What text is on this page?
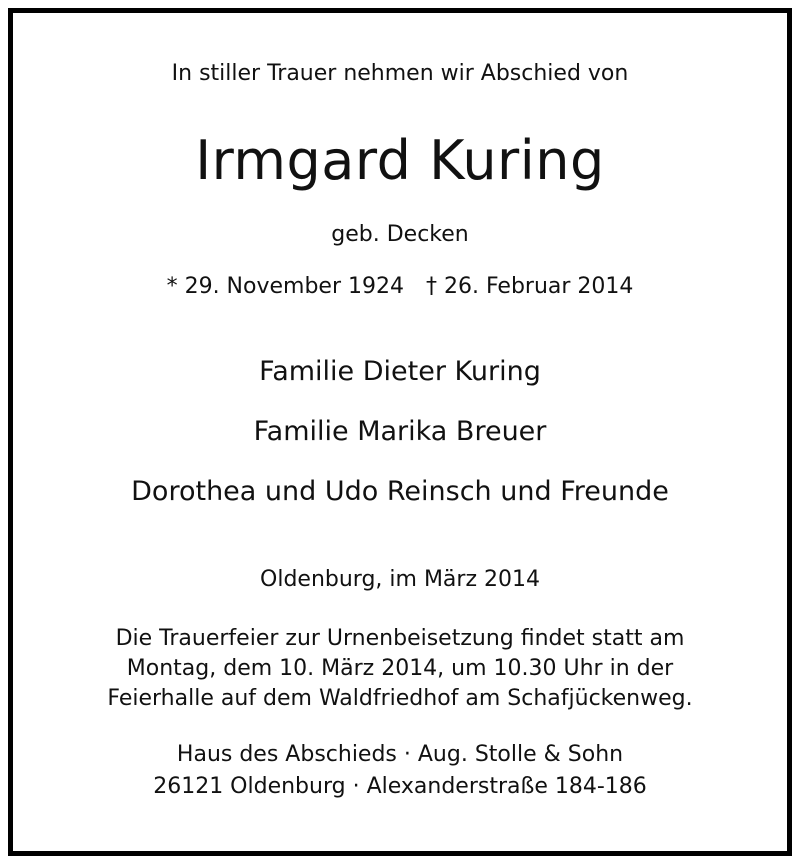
In stiller Trauer nehmen wir Abschied von
Irmgard Kuring
geb. Decken
* 29. November 1924 † 26. Februar 2014
Familie Dieter Kuring
Familie Marika Breuer
Dorothea und Udo Reinsch und Freunde
Oldenburg, im März 2014
Die Trauerfeier zur Urnenbeisetzung findet statt am
Montag, dem 10. März 2014, um 10.30 Uhr in der
Feierhalle auf dem Waldfriedhof am Schafjückenweg.
Haus des Abschieds · Aug. Stolle & Sohn
26121 Oldenburg · Alexanderstraße 184-186
